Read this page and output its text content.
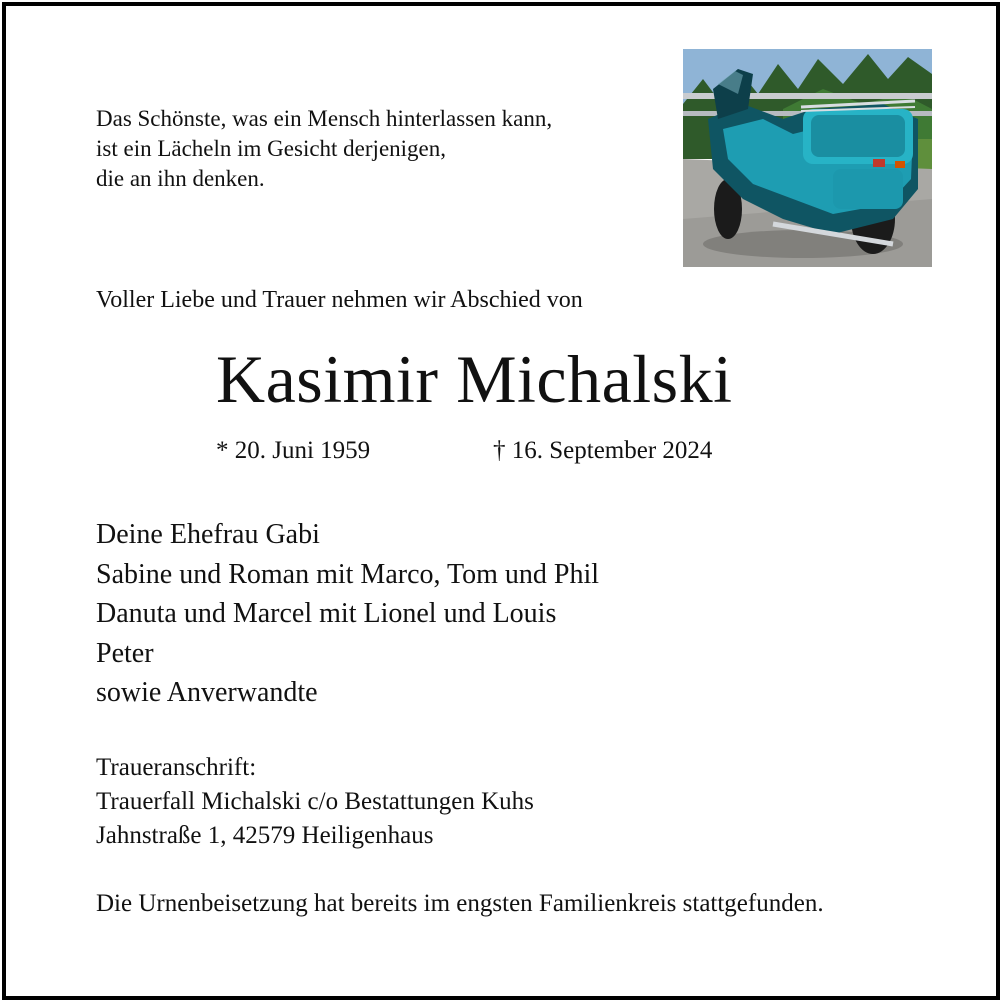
Das Schönste, was ein Mensch hinterlassen kann,
ist ein Lächeln im Gesicht derjenigen,
die an ihn denken.
Voller Liebe und Trauer nehmen wir Abschied von
Kasimir Michalski
* 20. Juni 1959	† 16. September 2024
Deine Ehefrau Gabi
Sabine und Roman mit Marco, Tom und Phil
Danuta und Marcel mit Lionel und Louis
Peter
sowie Anverwandte
Traueranschrift:
Trauerfall Michalski c/o Bestattungen Kuhs
Jahnstraße 1, 42579 Heiligenhaus
Die Urnenbeisetzung hat bereits im engsten Familienkreis stattgefunden.
